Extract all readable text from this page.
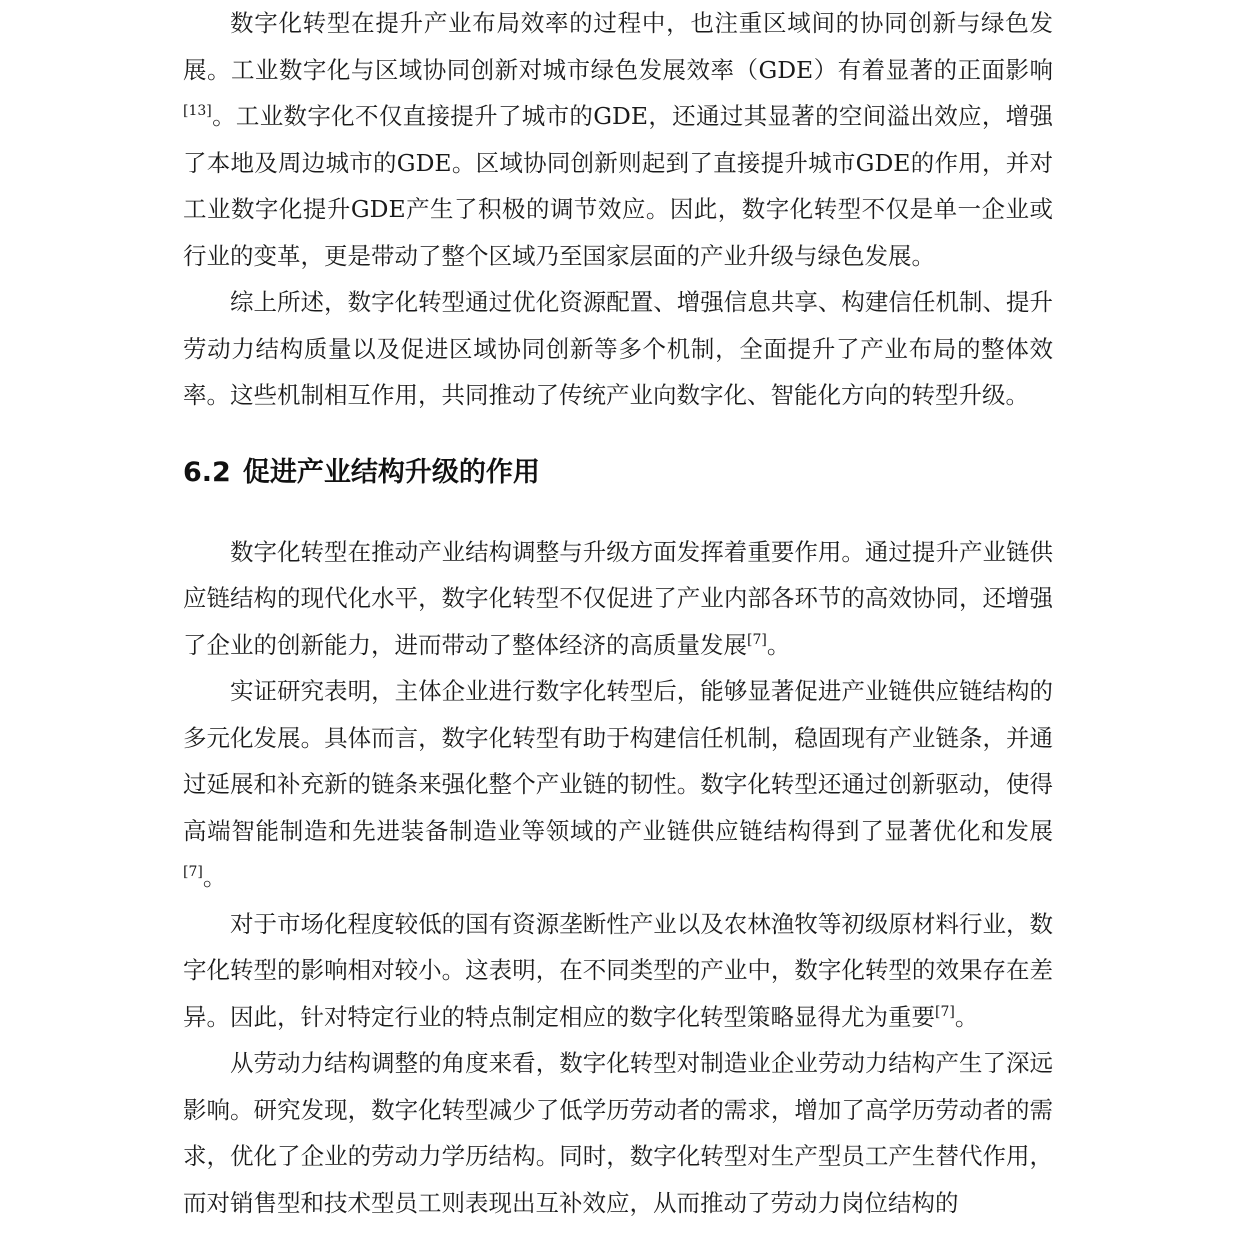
数字化转型在提升产业布局效率的过程中，也注重区域间的协同创新与绿色发展。工业数字化与区域协同创新对城市绿色发展效率（GDE）有着显著的正面影响[13]。工业数字化不仅直接提升了城市的GDE，还通过其显著的空间溢出效应，增强了本地及周边城市的GDE。区域协同创新则起到了直接提升城市GDE的作用，并对工业数字化提升GDE产生了积极的调节效应。因此，数字化转型不仅是单一企业或行业的变革，更是带动了整个区域乃至国家层面的产业升级与绿色发展。

综上所述，数字化转型通过优化资源配置、增强信息共享、构建信任机制、提升劳动力结构质量以及促进区域协同创新等多个机制，全面提升了产业布局的整体效率。这些机制相互作用，共同推动了传统产业向数字化、智能化方向的转型升级。

6.2 促进产业结构升级的作用

数字化转型在推动产业结构调整与升级方面发挥着重要作用。通过提升产业链供应链结构的现代化水平，数字化转型不仅促进了产业内部各环节的高效协同，还增强了企业的创新能力，进而带动了整体经济的高质量发展[7]。

实证研究表明，主体企业进行数字化转型后，能够显著促进产业链供应链结构的多元化发展。具体而言，数字化转型有助于构建信任机制，稳固现有产业链条，并通过延展和补充新的链条来强化整个产业链的韧性。数字化转型还通过创新驱动，使得高端智能制造和先进装备制造业等领域的产业链供应链结构得到了显著优化和发展[7]。

对于市场化程度较低的国有资源垄断性产业以及农林渔牧等初级原材料行业，数字化转型的影响相对较小。这表明，在不同类型的产业中，数字化转型的效果存在差异。因此，针对特定行业的特点制定相应的数字化转型策略显得尤为重要[7]。

从劳动力结构调整的角度来看，数字化转型对制造业企业劳动力结构产生了深远影响。研究发现，数字化转型减少了低学历劳动者的需求，增加了高学历劳动者的需求，优化了企业的劳动力学历结构。同时，数字化转型对生产型员工产生替代作用，而对销售型和技术型员工则表现出互补效应，从而推动了劳动力岗位结构的
